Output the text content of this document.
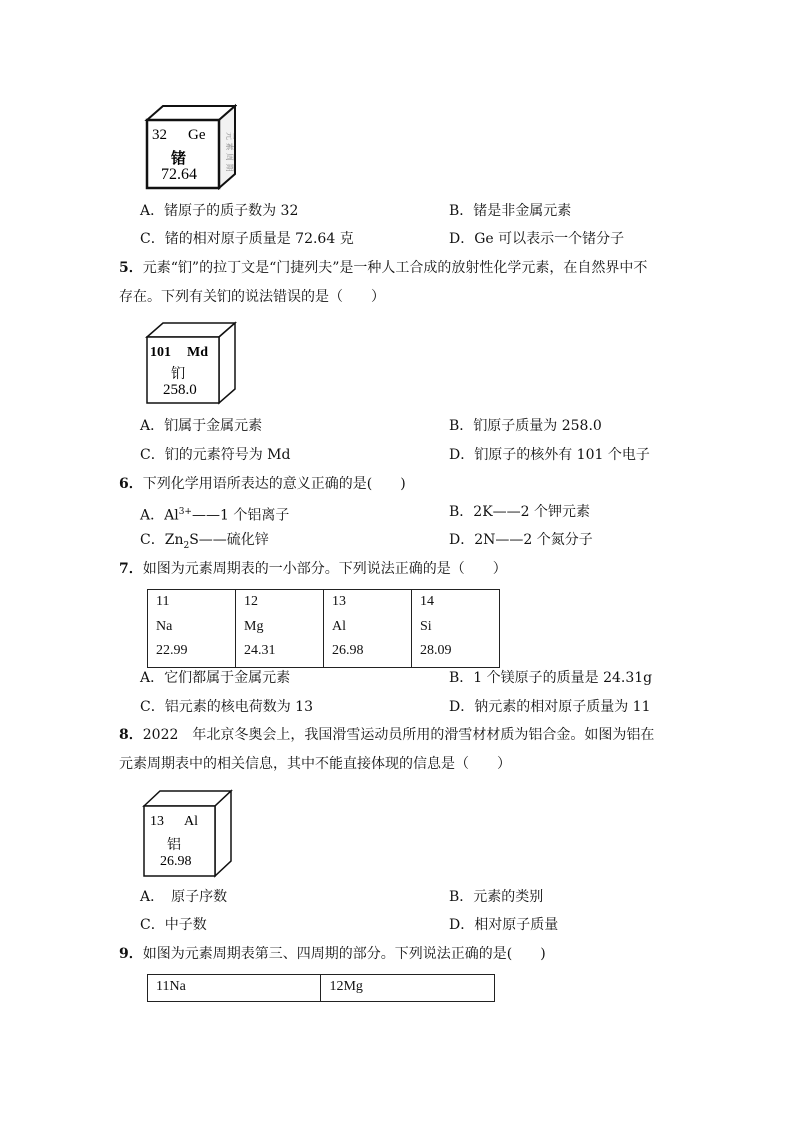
元 素 周 期
32 Ge
锗
72.64
A．锗原子的质子数为 32	B．锗是非金属元素
C．锗的相对原子质量是 72.64 克	D．Ge 可以表示一个锗分子
5．元素“钔”的拉丁文是“门捷列夫”是一种人工合成的放射性化学元素，在自然界中不
存在。下列有关钔的说法错误的是（　　）
101 Md
钔
258.0
A．钔属于金属元素	B．钔原子质量为 258.0
C．钔的元素符号为 Md	D．钔原子的核外有 101 个电子
6．下列化学用语所表达的意义正确的是(　　)
A．$Al^{3+}——1$ 个铝离子	B．2K——2 个钾元素
C．$Zn_2S——$硫化锌	D．2N——2 个氮分子
7．如图为元素周期表的一小部分。下列说法正确的是（　　）
11
Na
22.99

12
Mg
24.31

13
Al
26.98

14
Si
28.09
A．它们都属于金属元素	B．1 个镁原子的质量是 24.31g
C．铝元素的核电荷数为 13	D．钠元素的相对原子质量为 11
8．2022　年北京冬奥会上，我国滑雪运动员所用的滑雪材材质为铝合金。如图为铝在
元素周期表中的相关信息，其中不能直接体现的信息是（　　）
13 Al
铝
26.98
A．　原子序数	B．元素的类别
C．中子数	D．相对原子质量
9．如图为元素周期表第三、四周期的部分。下列说法正确的是(　　)
11Na	12Mg
